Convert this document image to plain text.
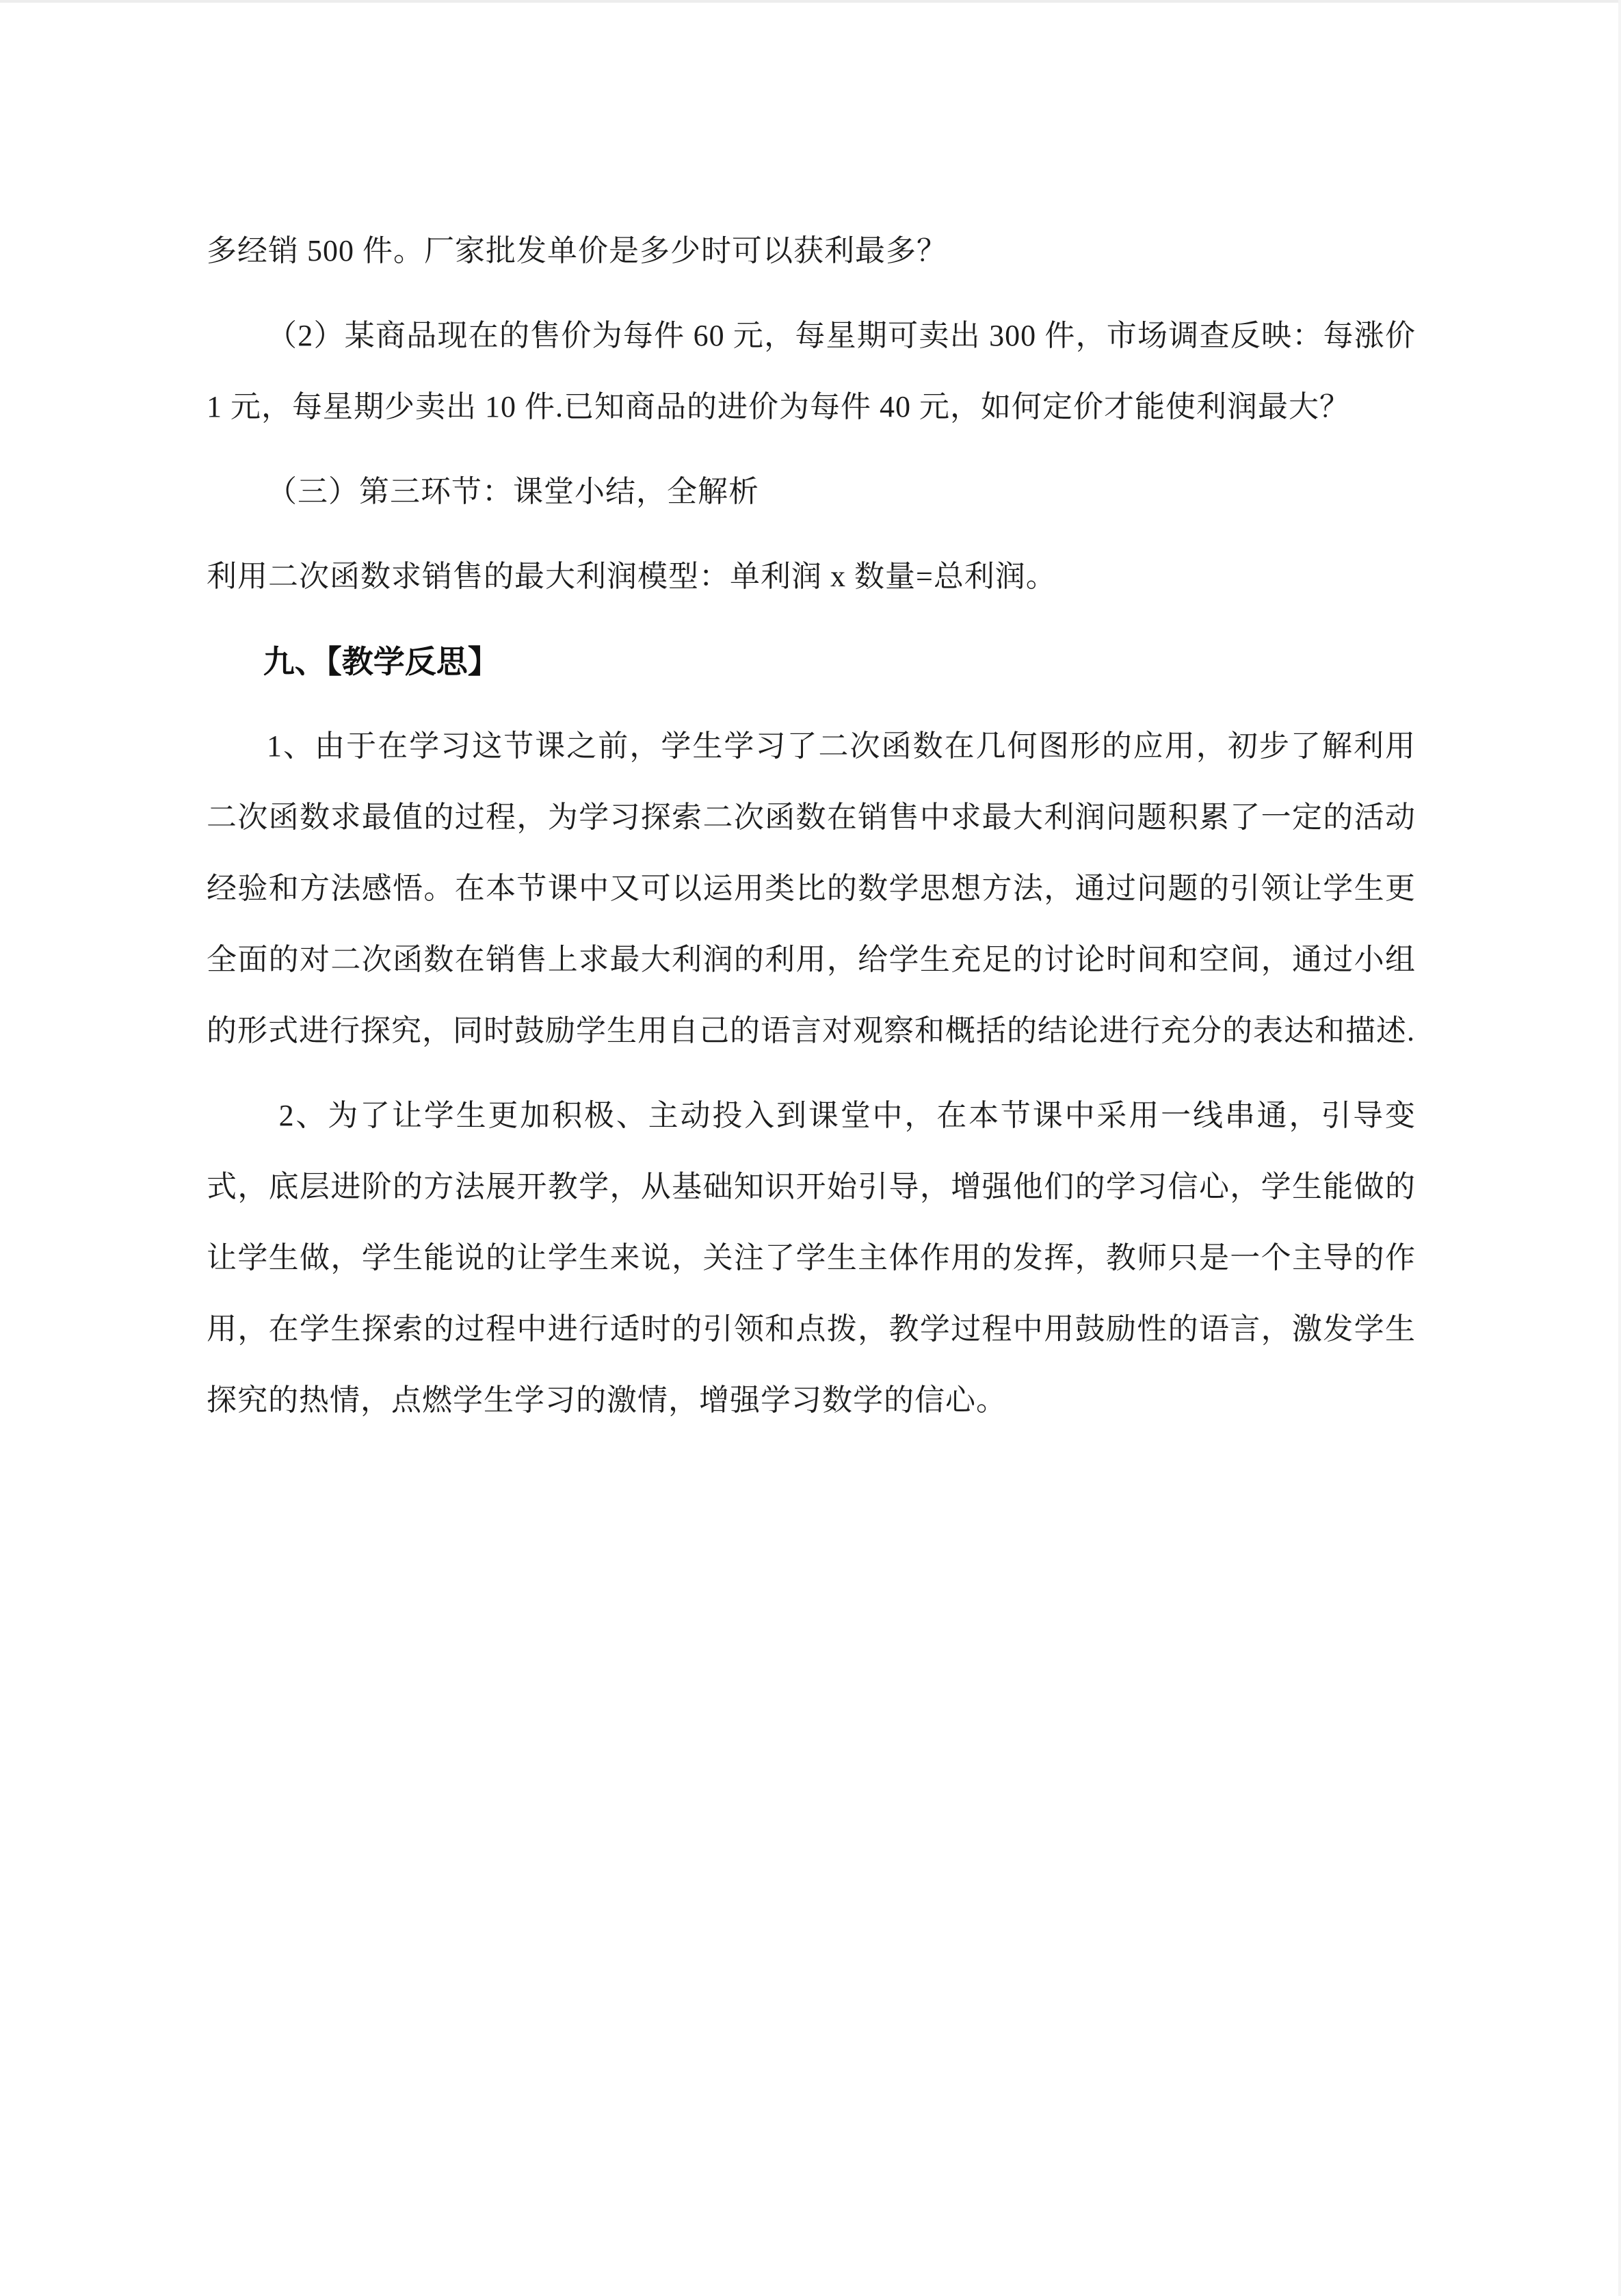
多经销 500 件。厂家批发单价是多少时可以获利最多？

（2）某商品现在的售价为每件 60 元，每星期可卖出 300 件，市场调查反映：每涨价 1 元，每星期少卖出 10 件.已知商品的进价为每件 40 元，如何定价才能使利润最大？

（三）第三环节：课堂小结，全解析

利用二次函数求销售的最大利润模型：单利润 x 数量=总利润。

九、【教学反思】

1、由于在学习这节课之前，学生学习了二次函数在几何图形的应用，初步了解利用二次函数求最值的过程，为学习探索二次函数在销售中求最大利润问题积累了一定的活动经验和方法感悟。在本节课中又可以运用类比的数学思想方法，通过问题的引领让学生更全面的对二次函数在销售上求最大利润的利用，给学生充足的讨论时间和空间，通过小组的形式进行探究，同时鼓励学生用自己的语言对观察和概括的结论进行充分的表达和描述.

2、为了让学生更加积极、主动投入到课堂中，在本节课中采用一线串通，引导变式，底层进阶的方法展开教学，从基础知识开始引导，增强他们的学习信心，学生能做的让学生做，学生能说的让学生来说，关注了学生主体作用的发挥，教师只是一个主导的作用，在学生探索的过程中进行适时的引领和点拨，教学过程中用鼓励性的语言，激发学生探究的热情，点燃学生学习的激情，增强学习数学的信心。
